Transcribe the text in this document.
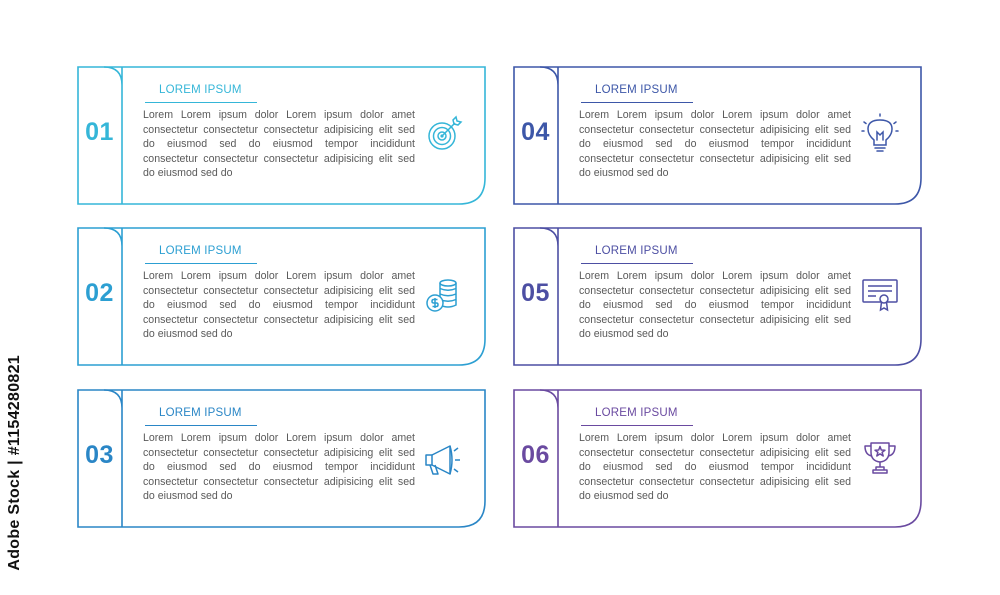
Adobe Stock | #1154280821
01
LOREM IPSUM
Lorem Lorem ipsum dolor Lorem ipsum dolor amet consectetur consectetur consectetur adipisicing elit sed do eiusmod sed do eiusmod tempor incididunt consectetur consectetur consectetur adipisicing elit sed do eiusmod sed do
02
LOREM IPSUM
Lorem Lorem ipsum dolor Lorem ipsum dolor amet consectetur consectetur consectetur adipisicing elit sed do eiusmod sed do eiusmod tempor incididunt consectetur consectetur consectetur adipisicing elit sed do eiusmod sed do
03
LOREM IPSUM
Lorem Lorem ipsum dolor Lorem ipsum dolor amet consectetur consectetur consectetur adipisicing elit sed do eiusmod sed do eiusmod tempor incididunt consectetur consectetur consectetur adipisicing elit sed do eiusmod sed do
04
LOREM IPSUM
Lorem Lorem ipsum dolor Lorem ipsum dolor amet consectetur consectetur consectetur adipisicing elit sed do eiusmod sed do eiusmod tempor incididunt consectetur consectetur consectetur adipisicing elit sed do eiusmod sed do
05
LOREM IPSUM
Lorem Lorem ipsum dolor Lorem ipsum dolor amet consectetur consectetur consectetur adipisicing elit sed do eiusmod sed do eiusmod tempor incididunt consectetur consectetur consectetur adipisicing elit sed do eiusmod sed do
06
LOREM IPSUM
Lorem Lorem ipsum dolor Lorem ipsum dolor amet consectetur consectetur consectetur adipisicing elit sed do eiusmod sed do eiusmod tempor incididunt consectetur consectetur consectetur adipisicing elit sed do eiusmod sed do
